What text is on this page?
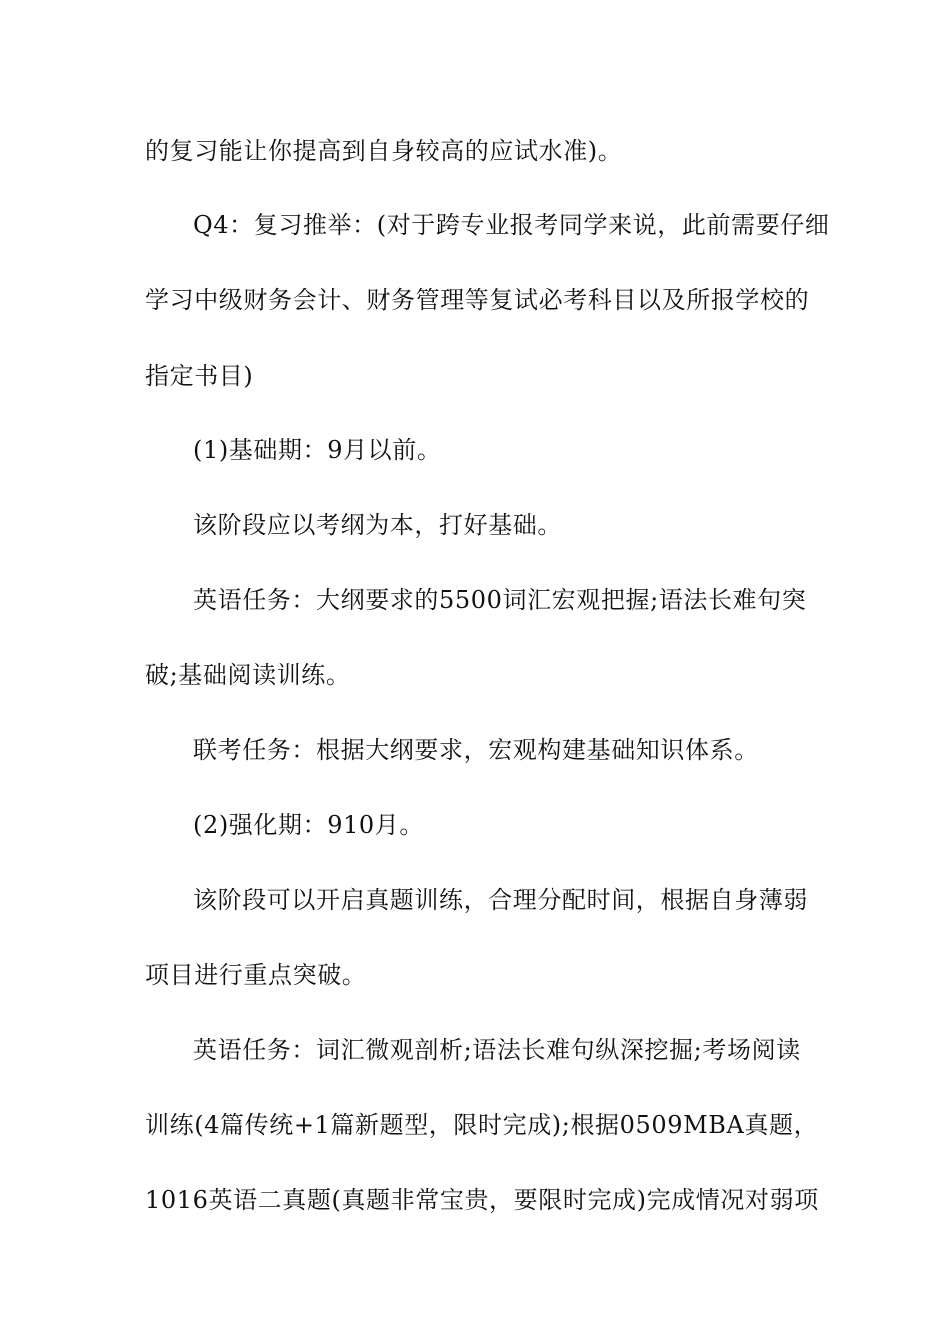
的复习能让你提高到自身较高的应试水准)。
Q4：复习推举：(对于跨专业报考同学来说，此前需要仔细
学习中级财务会计、财务管理等复试必考科目以及所报学校的
指定书目)
(1)基础期：9月以前。
该阶段应以考纲为本，打好基础。
英语任务：大纲要求的5500词汇宏观把握;语法长难句突
破;基础阅读训练。
联考任务：根据大纲要求，宏观构建基础知识体系。
(2)强化期：910月。
该阶段可以开启真题训练，合理分配时间，根据自身薄弱
项目进行重点突破。
英语任务：词汇微观剖析;语法长难句纵深挖掘;考场阅读
训练(4篇传统+1篇新题型，限时完成);根据0509MBA真题，
1016英语二真题(真题非常宝贵，要限时完成)完成情况对弱项
